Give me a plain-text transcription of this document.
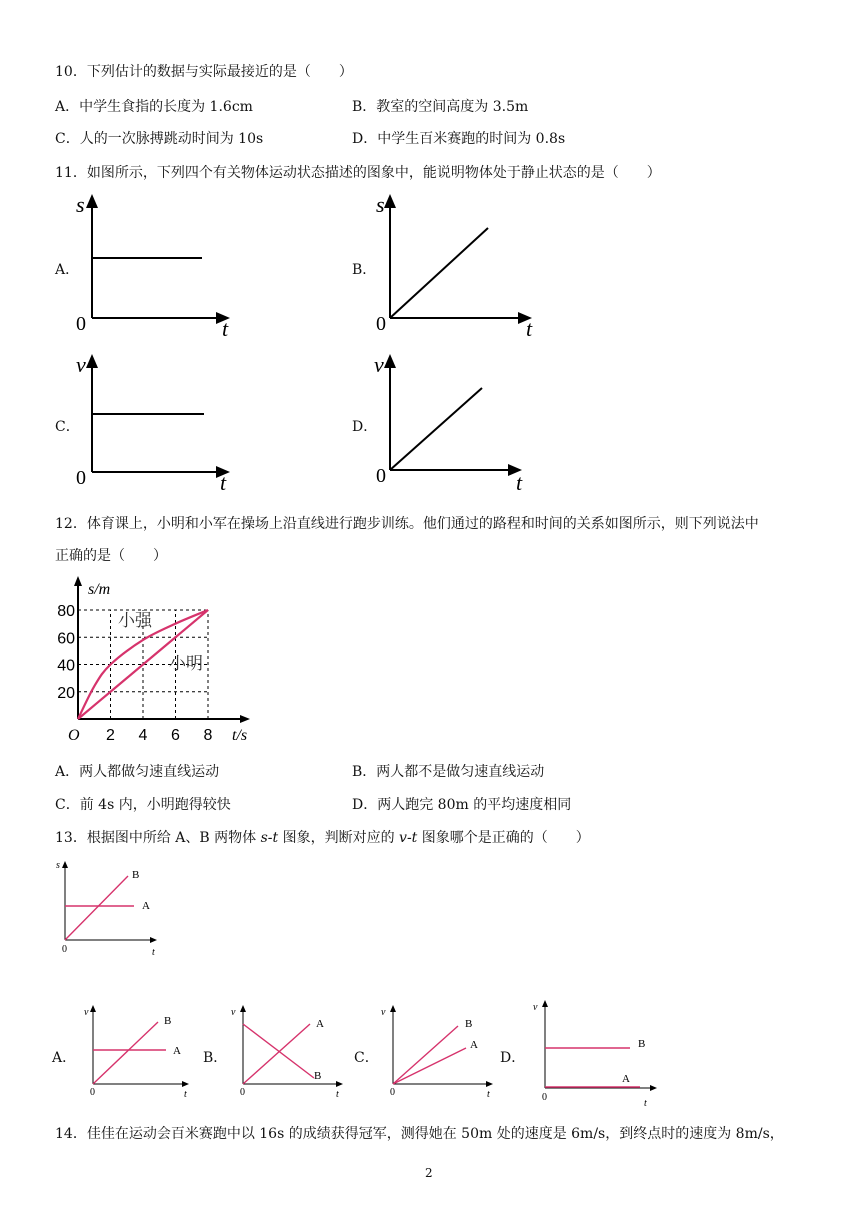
10．下列估计的数据与实际最接近的是（　　）
A．中学生食指的长度为 1.6cm	B．教室的空间高度为 3.5m
C．人的一次脉搏跳动时间为 10s	D．中学生百米赛跑的时间为 0.8s
11．如图所示，下列四个有关物体运动状态描述的图象中，能说明物体处于静止状态的是（　　）
A．
s
t
0
B．
s
t
0
C．
v
t
0
D．
v
t
0
12．体育课上，小明和小军在操场上沿直线进行跑步训练。他们通过的路程和时间的关系如图所示，则下列说法中
正确的是（　　）
小明
小强
2 4 6 8
20
40
60
80
s/m
t/s
O
A．两人都做匀速直线运动	B．两人都不是做匀速直线运动
C．前 4s 内，小明跑得较快	D．两人跑完 80m 的平均速度相同
13．根据图中所给 A、B 两物体 s-t 图象，判断对应的 v-t 图象哪个是正确的（　　）
s
t
0
A
B
A．
v
t
0
A
B
B．
v
t
0
A
B
C．
v
t
0
B
A
D．
v
t
0
B
A
14．佳佳在运动会百米赛跑中以 16s 的成绩获得冠军，测得她在 50m 处的速度是 6m/s，到终点时的速度为 8m/s，
2
